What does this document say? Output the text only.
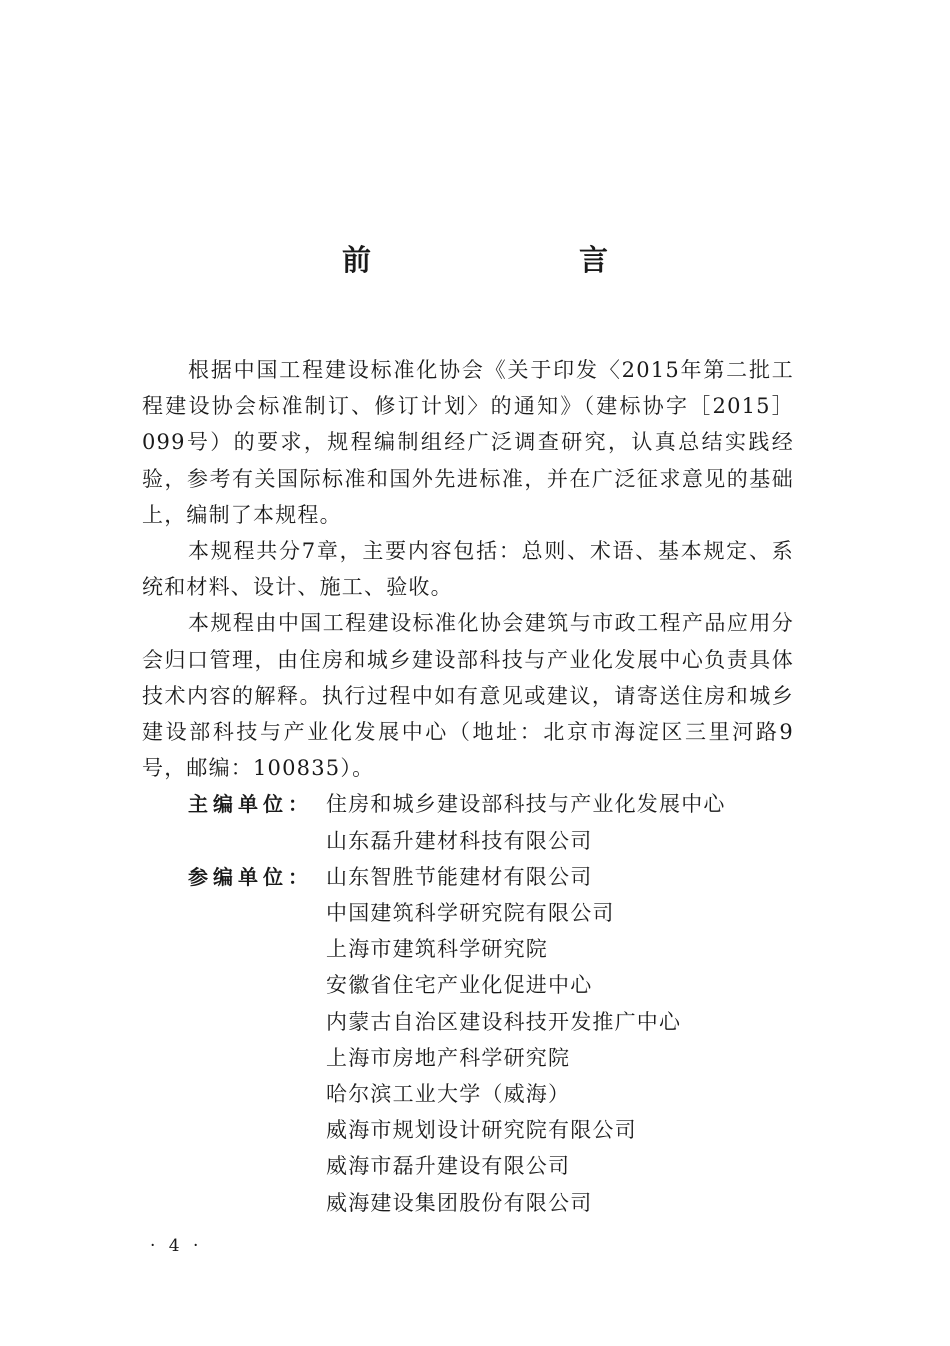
前　　言

根据中国工程建设标准化协会《关于印发〈2015年第二批工程建设协会标准制订、修订计划〉的通知》（建标协字［2015］099号）的要求，规程编制组经广泛调查研究，认真总结实践经验，参考有关国际标准和国外先进标准，并在广泛征求意见的基础上，编制了本规程。

本规程共分7章，主要内容包括：总则、术语、基本规定、系统和材料、设计、施工、验收。

本规程由中国工程建设标准化协会建筑与市政工程产品应用分会归口管理，由住房和城乡建设部科技与产业化发展中心负责具体技术内容的解释。执行过程中如有意见或建议，请寄送住房和城乡建设部科技与产业化发展中心（地址：北京市海淀区三里河路9号，邮编：100835）。

主编单位： 住房和城乡建设部科技与产业化发展中心
山东磊升建材科技有限公司
参编单位： 山东智胜节能建材有限公司
中国建筑科学研究院有限公司
上海市建筑科学研究院
安徽省住宅产业化促进中心
内蒙古自治区建设科技开发推广中心
上海市房地产科学研究院
哈尔滨工业大学（威海）
威海市规划设计研究院有限公司
威海市磊升建设有限公司
威海建设集团股份有限公司
· 4 ·
